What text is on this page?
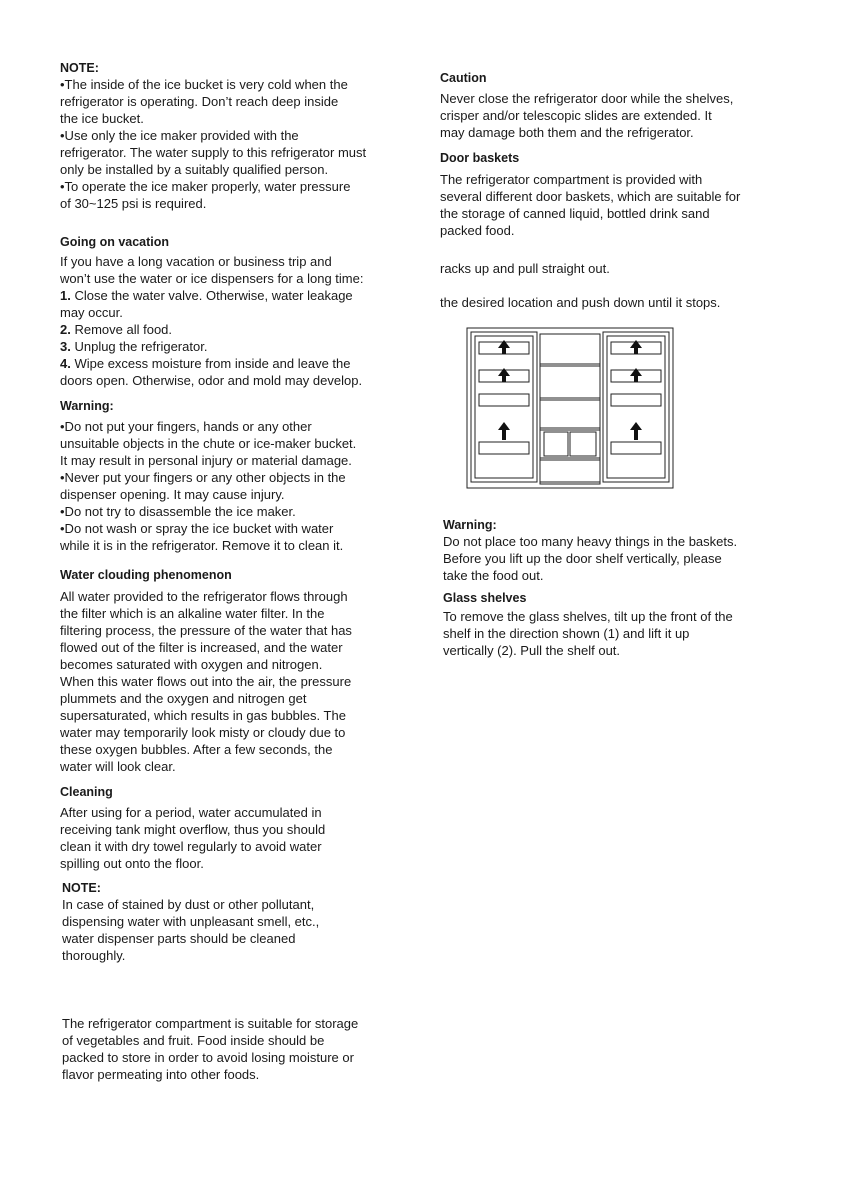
NOTE:

•The inside of the ice bucket is very cold when the
refrigerator is operating. Don’t reach deep inside
the ice bucket.
•Use only the ice maker provided with the
refrigerator. The water supply to this refrigerator must
only be installed by a suitably qualified person.
•To operate the ice maker properly, water pressure
of 30~125 psi is required.

Going on vacation

If you have a long vacation or business trip and
won’t use the water or ice dispensers for a long time:
1. Close the water valve. Otherwise, water leakage
may occur.
2. Remove all food.
3. Unplug the refrigerator.
4. Wipe excess moisture from inside and leave the
doors open. Otherwise, odor and mold may develop.

Warning:

•Do not put your fingers, hands or any other
unsuitable objects in the chute or ice-maker bucket.
It may result in personal injury or material damage.
•Never put your fingers or any other objects in the
dispenser opening. It may cause injury.
•Do not try to disassemble the ice maker.
•Do not wash or spray the ice bucket with water
while it is in the refrigerator. Remove it to clean it.

Water clouding phenomenon

All water provided to the refrigerator flows through
the filter which is an alkaline water filter. In the
filtering process, the pressure of the water that has
flowed out of the filter is increased, and the water
becomes saturated with oxygen and nitrogen.
When this water flows out into the air, the pressure
plummets and the oxygen and nitrogen get
supersaturated, which results in gas bubbles. The
water may temporarily look misty or cloudy due to
these oxygen bubbles. After a few seconds, the
water will look clear.

Cleaning

After using for a period, water accumulated in
receiving tank might overflow, thus you should
clean it with dry towel regularly to avoid water
spilling out onto the floor.

NOTE:

In case of stained by dust or other pollutant,
dispensing water with unpleasant smell, etc.,
water dispenser parts should be cleaned
thoroughly.
The refrigerator compartment is suitable for storage
of vegetables and fruit. Food inside should be
packed to store in order to avoid losing moisture or
flavor permeating into other foods.

Caution

Never close the refrigerator door while the shelves,
crisper and/or telescopic slides are extended. It
may damage both them and the refrigerator.

Door baskets

The refrigerator compartment is provided with
several different door baskets, which are suitable for
the storage of canned liquid, bottled drink sand
packed food.
racks up and pull straight out.
the desired location and push down until it stops.

Warning:

Do not place too many heavy things in the baskets.
Before you lift up the door shelf vertically, please
take the food out.

Glass shelves

To remove the glass shelves, tilt up the front of the
shelf in the direction shown (1) and lift it up
vertically (2). Pull the shelf out.
